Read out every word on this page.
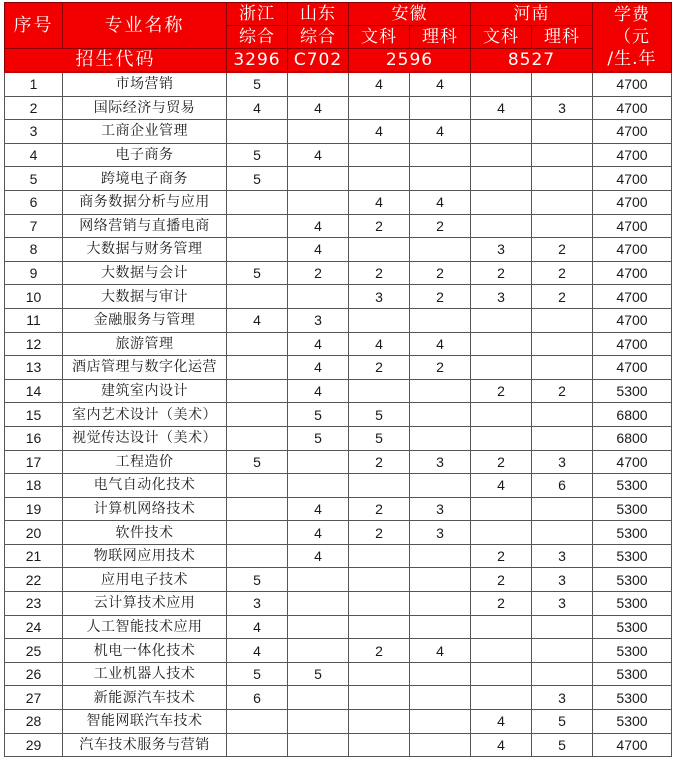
序号	专业名称	浙江	山东	安徽		河南		学费
（元
/生.年

		综合	综合	文科	理科	文科	理科	
招生代码		3296	C702	2596		8527		
1	市场营销	5		4	4			4700
2	国际经济与贸易	4	4			4	3	4700
3	工商企业管理			4	4			4700
4	电子商务	5	4					4700
5	跨境电子商务	5						4700
6	商务数据分析与应用			4	4			4700
7	网络营销与直播电商		4	2	2			4700
8	大数据与财务管理		4			3	2	4700
9	大数据与会计	5	2	2	2	2	2	4700
10	大数据与审计			3	2	3	2	4700
11	金融服务与管理	4	3					4700
12	旅游管理		4	4	4			4700
13	酒店管理与数字化运营		4	2	2			4700
14	建筑室内设计		4			2	2	5300
15	室内艺术设计（美术）		5	5				6800
16	视觉传达设计（美术）		5	5				6800
17	工程造价	5		2	3	2	3	4700
18	电气自动化技术					4	6	5300
19	计算机网络技术		4	2	3			5300
20	软件技术		4	2	3			5300
21	物联网应用技术		4			2	3	5300
22	应用电子技术	5				2	3	5300
23	云计算技术应用	3				2	3	5300
24	人工智能技术应用	4						5300
25	机电一体化技术	4		2	4			5300
26	工业机器人技术	5	5					5300
27	新能源汽车技术	6					3	5300
28	智能网联汽车技术					4	5	5300
29	汽车技术服务与营销					4	5	4700
